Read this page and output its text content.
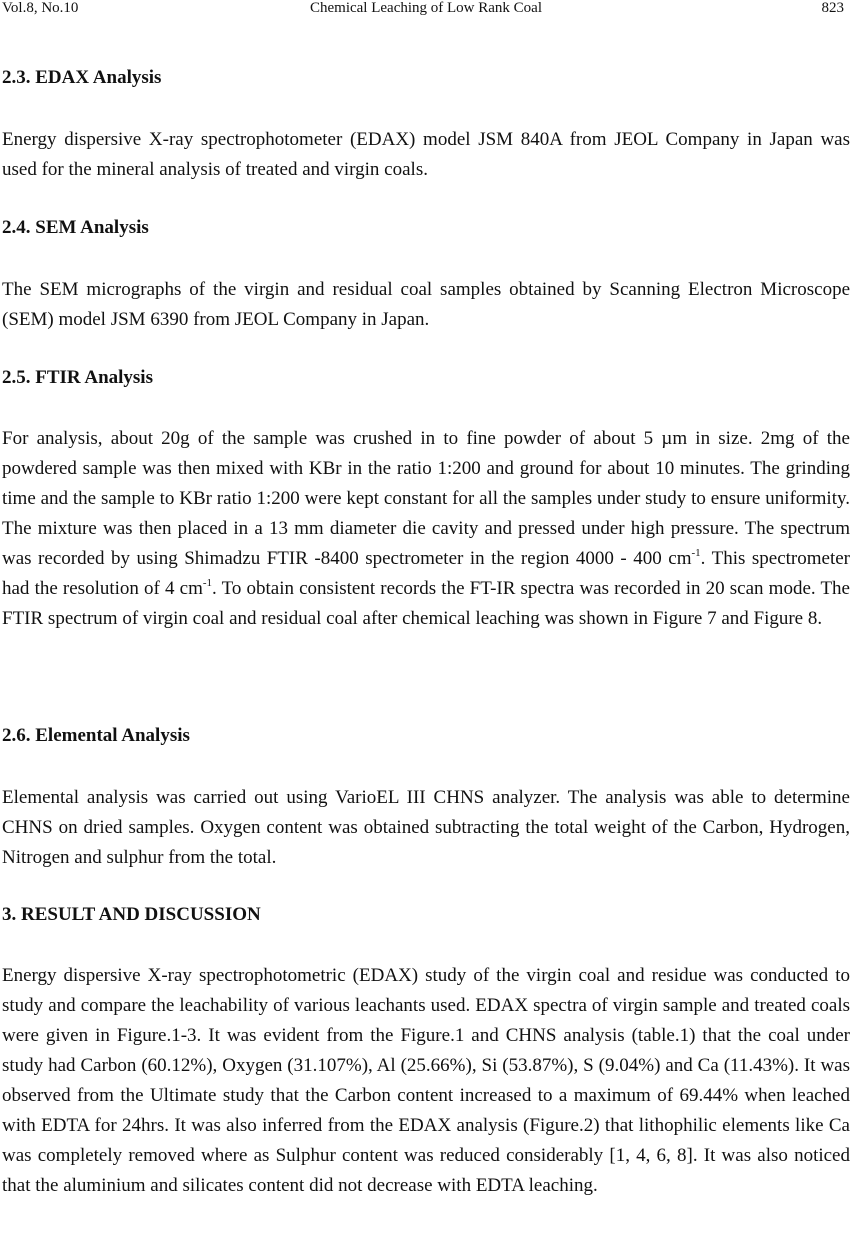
Vol.8, No.10	Chemical Leaching of Low Rank Coal	823
2.3. EDAX Analysis

Energy dispersive X-ray spectrophotometer (EDAX) model JSM 840A from JEOL Company in Japan was used for the mineral analysis of treated and virgin coals.

2.4. SEM Analysis

The SEM micrographs of the virgin and residual coal samples obtained by Scanning Electron Microscope (SEM) model JSM 6390 from JEOL Company in Japan.

2.5. FTIR Analysis

For analysis, about 20g of the sample was crushed in to fine powder of about 5 µm in size. 2mg of the powdered sample was then mixed with KBr in the ratio 1:200 and ground for about 10 minutes. The grinding time and the sample to KBr ratio 1:200 were kept constant for all the samples under study to ensure uniformity. The mixture was then placed in a 13 mm diameter die cavity and pressed under high pressure. The spectrum was recorded by using Shimadzu FTIR -8400 spectrometer in the region 4000 - 400 $cm^{-1}$. This spectrometer had the resolution of 4 $cm^{-1}$. To obtain consistent records the FT-IR spectra was recorded in 20 scan mode. The FTIR spectrum of virgin coal and residual coal after chemical leaching was shown in Figure 7 and Figure 8.

2.6. Elemental Analysis

Elemental analysis was carried out using VarioEL III CHNS analyzer. The analysis was able to determine CHNS on dried samples. Oxygen content was obtained subtracting the total weight of the Carbon, Hydrogen, Nitrogen and sulphur from the total.

3. RESULT AND DISCUSSION

Energy dispersive X-ray spectrophotometric (EDAX) study of the virgin coal and residue was conducted to study and compare the leachability of various leachants used. EDAX spectra of virgin sample and treated coals were given in Figure.1-3. It was evident from the Figure.1 and CHNS analysis (table.1) that the coal under study had Carbon (60.12%), Oxygen (31.107%), Al (25.66%), Si (53.87%), S (9.04%) and Ca (11.43%). It was observed from the Ultimate study that the Carbon content increased to a maximum of 69.44% when leached with EDTA for 24hrs. It was also inferred from the EDAX analysis (Figure.2) that lithophilic elements like Ca was completely removed where as Sulphur content was reduced considerably [1, 4, 6, 8]. It was also noticed that the aluminium and silicates content did not decrease with EDTA leaching.
